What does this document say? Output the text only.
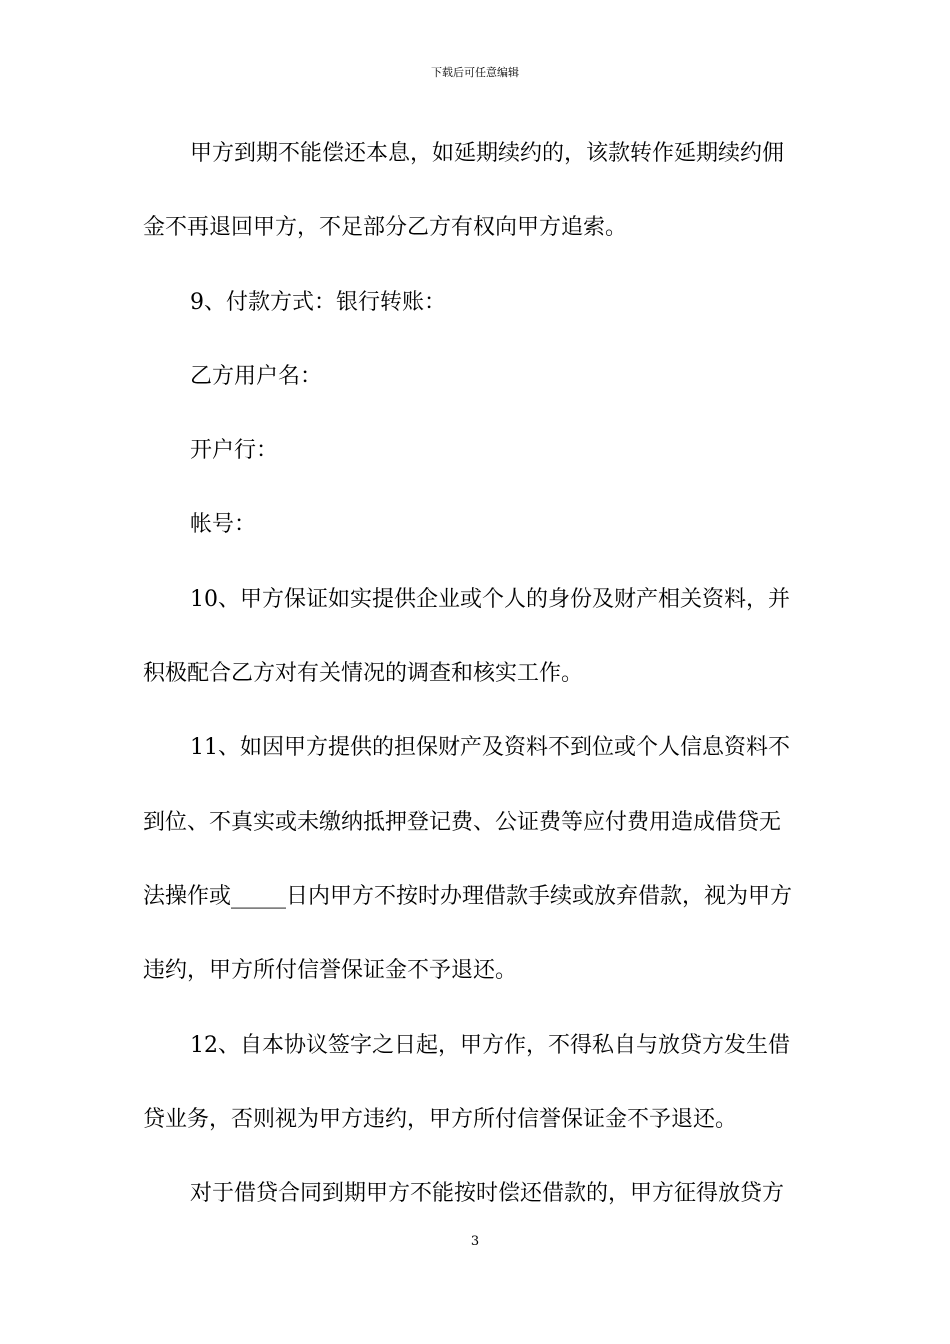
下载后可任意编辑
甲方到期不能偿还本息，如延期续约的，该款转作延期续约佣
金不再退回甲方，不足部分乙方有权向甲方追索。
9、付款方式：银行转账：
乙方用户名：
开户行：
帐号：
10、甲方保证如实提供企业或个人的身份及财产相关资料，并
积极配合乙方对有关情况的调查和核实工作。
11、如因甲方提供的担保财产及资料不到位或个人信息资料不
到位、不真实或未缴纳抵押登记费、公证费等应付费用造成借贷无
法操作或_____日内甲方不按时办理借款手续或放弃借款，视为甲方
违约，甲方所付信誉保证金不予退还。
12、自本协议签字之日起，甲方作，不得私自与放贷方发生借
贷业务，否则视为甲方违约，甲方所付信誉保证金不予退还。
对于借贷合同到期甲方不能按时偿还借款的，甲方征得放贷方
3
